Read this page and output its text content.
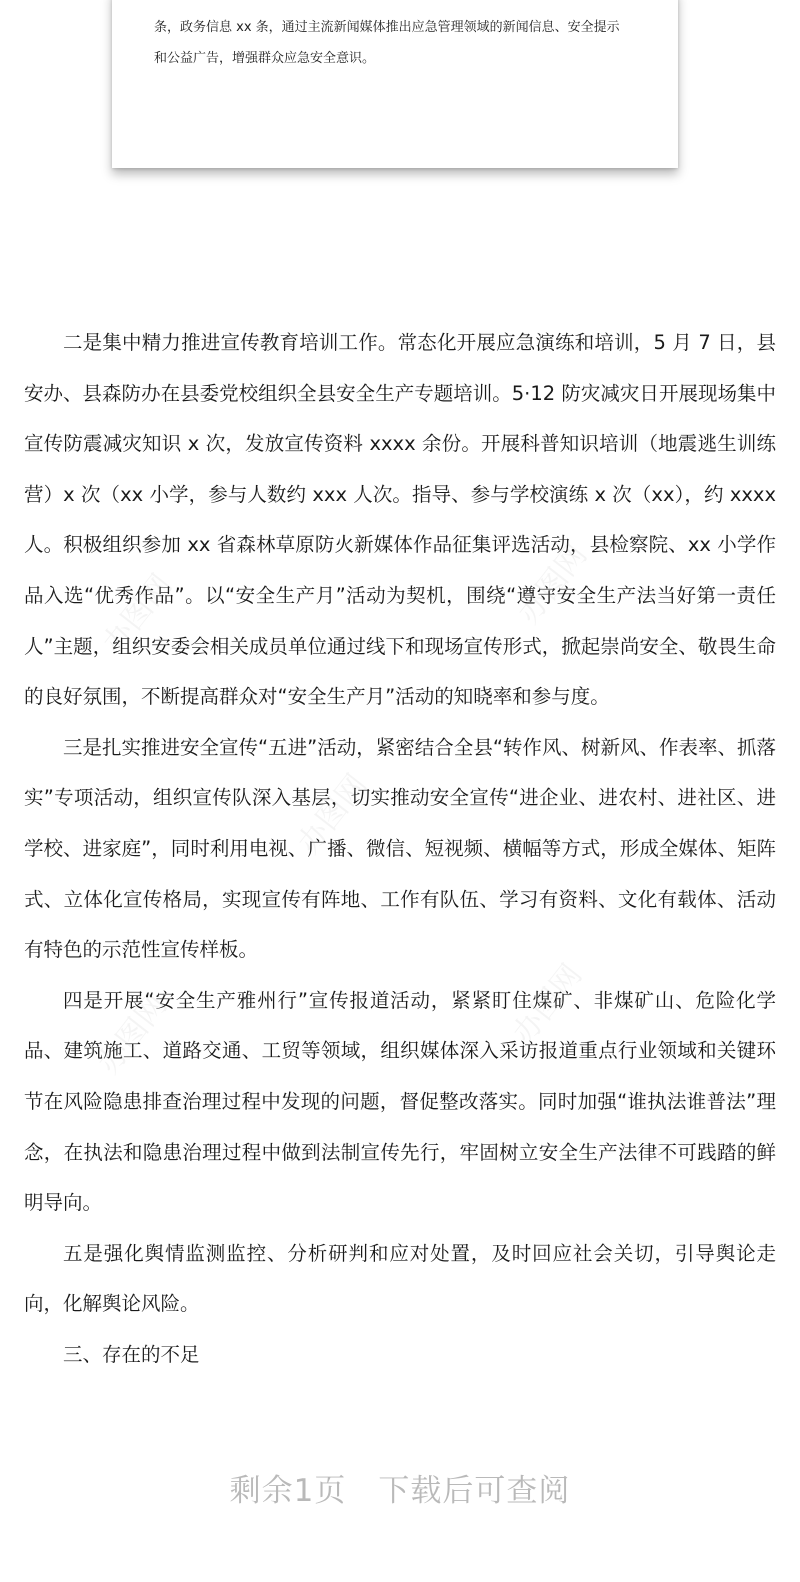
条，政务信息 xx 条，通过主流新闻媒体推出应急管理领域的新闻信息、安全提示
和公益广告，增强群众应急安全意识。

二是集中精力推进宣传教育培训工作。常态化开展应急演练和培训，5 月 7 日，县安办、县森防办在县委党校组织全县安全生产专题培训。5·12 防灾减灾日开展现场集中宣传防震减灾知识 x 次，发放宣传资料 xxxx 余份。开展科普知识培训（地震逃生训练营）x 次（xx 小学，参与人数约 xxx 人次。指导、参与学校演练 x 次（xx），约 xxxx 人。积极组织参加 xx 省森林草原防火新媒体作品征集评选活动，县检察院、xx 小学作品入选“优秀作品”。以“安全生产月”活动为契机，围绕“遵守安全生产法当好第一责任人”主题，组织安委会相关成员单位通过线下和现场宣传形式，掀起崇尚安全、敬畏生命的良好氛围，不断提高群众对“安全生产月”活动的知晓率和参与度。

三是扎实推进安全宣传“五进”活动，紧密结合全县“转作风、树新风、作表率、抓落实”专项活动，组织宣传队深入基层，切实推动安全宣传“进企业、进农村、进社区、进学校、进家庭”，同时利用电视、广播、微信、短视频、横幅等方式，形成全媒体、矩阵式、立体化宣传格局，实现宣传有阵地、工作有队伍、学习有资料、文化有载体、活动有特色的示范性宣传样板。

四是开展“安全生产雅州行”宣传报道活动，紧紧盯住煤矿、非煤矿山、危险化学品、建筑施工、道路交通、工贸等领域，组织媒体深入采访报道重点行业领域和关键环节在风险隐患排查治理过程中发现的问题，督促整改落实。同时加强“谁执法谁普法”理念，在执法和隐患治理过程中做到法制宣传先行，牢固树立安全生产法律不可践踏的鲜明导向。

五是强化舆情监测监控、分析研判和应对处置，及时回应社会关切，引导舆论走向，化解舆论风险。

三、存在的不足

办图网	办图网
办图网
办图网	办图网
剩余1页 下载后可查阅
